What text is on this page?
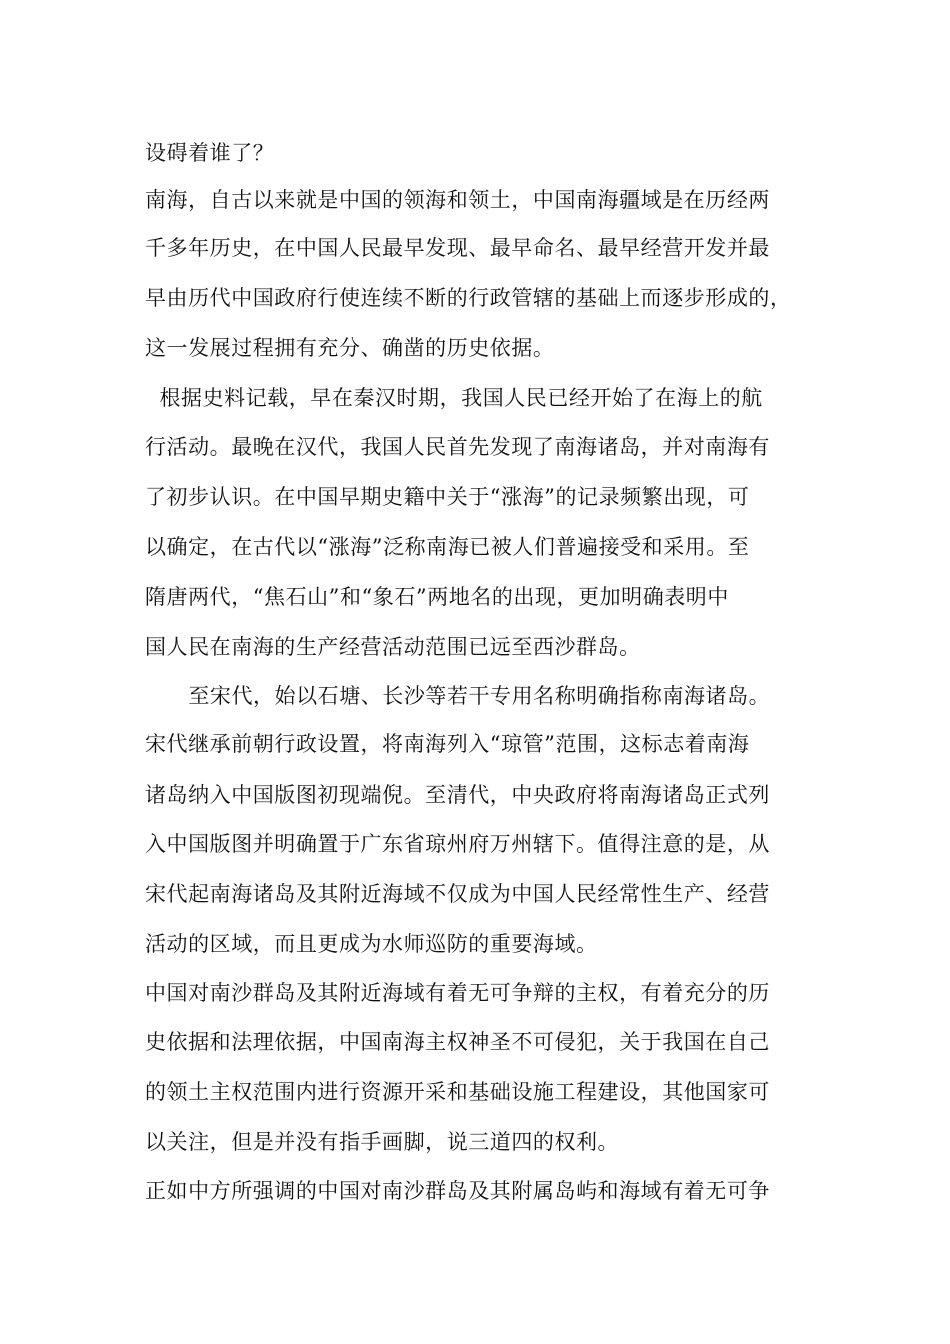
设碍着谁了？
南海，自古以来就是中国的领海和领土，中国南海疆域是在历经两
千多年历史，在中国人民最早发现、最早命名、最早经营开发并最
早由历代中国政府行使连续不断的行政管辖的基础上而逐步形成的，
这一发展过程拥有充分、确凿的历史依据。
根据史料记载，早在秦汉时期，我国人民已经开始了在海上的航
行活动。最晚在汉代，我国人民首先发现了南海诸岛，并对南海有
了初步认识。在中国早期史籍中关于“涨海”的记录频繁出现，可
以确定，在古代以“涨海”泛称南海已被人们普遍接受和采用。至
隋唐两代，“焦石山”和“象石”两地名的出现，更加明确表明中
国人民在南海的生产经营活动范围已远至西沙群岛。
至宋代，始以石塘、长沙等若干专用名称明确指称南海诸岛。
宋代继承前朝行政设置，将南海列入“琼管”范围，这标志着南海
诸岛纳入中国版图初现端倪。至清代，中央政府将南海诸岛正式列
入中国版图并明确置于广东省琼州府万州辖下。值得注意的是，从
宋代起南海诸岛及其附近海域不仅成为中国人民经常性生产、经营
活动的区域，而且更成为水师巡防的重要海域。
中国对南沙群岛及其附近海域有着无可争辩的主权，有着充分的历
史依据和法理依据，中国南海主权神圣不可侵犯，关于我国在自己
的领土主权范围内进行资源开采和基础设施工程建设，其他国家可
以关注，但是并没有指手画脚，说三道四的权利。
正如中方所强调的中国对南沙群岛及其附属岛屿和海域有着无可争
